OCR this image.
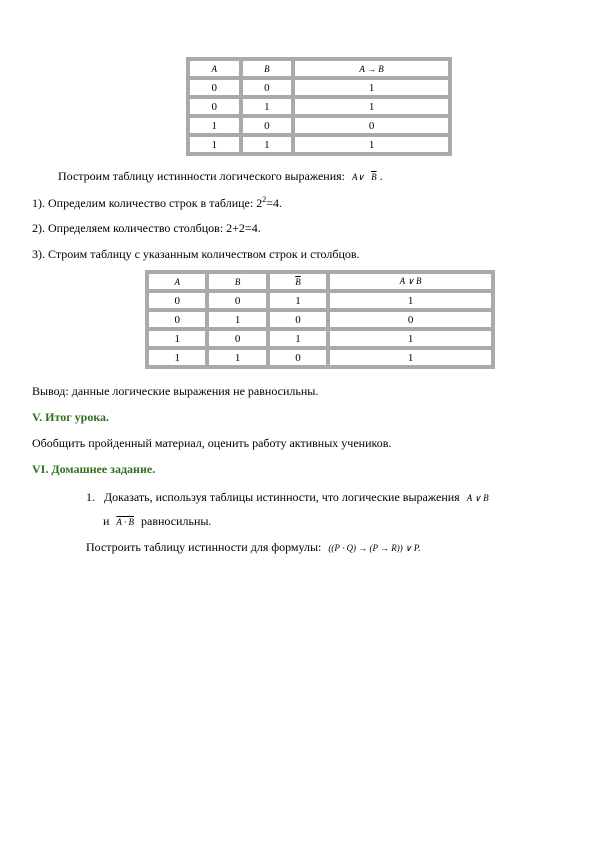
A	B	A → B
0	0	1
0	1	1
1	0	0
1	1	1
Построим таблицу истинности логического выражения: A∨ $\overline{B}$ .
1). Определим количество строк в таблице: $2^2=4$.
2). Определяем количество столбцов: 2+2=4.
3). Строим таблицу с указанным количеством строк и столбцов.
A	B	$\overline{B}$	A ∨ B
0	0	1	1
0	1	0	0
1	0	1	1
1	1	0	1
Вывод: данные логические выражения не равносильны.
V. Итог урока.
Обобщить пройденный материал, оценить работу активных учеников.
VI. Домашнее задание.
1. Доказать, используя таблицы истинности, что логические выражения A ∨ B
и A · B равносильны.
Построить таблицу истинности для формулы: ((P · Q) → (P → R)) ∨ P.
